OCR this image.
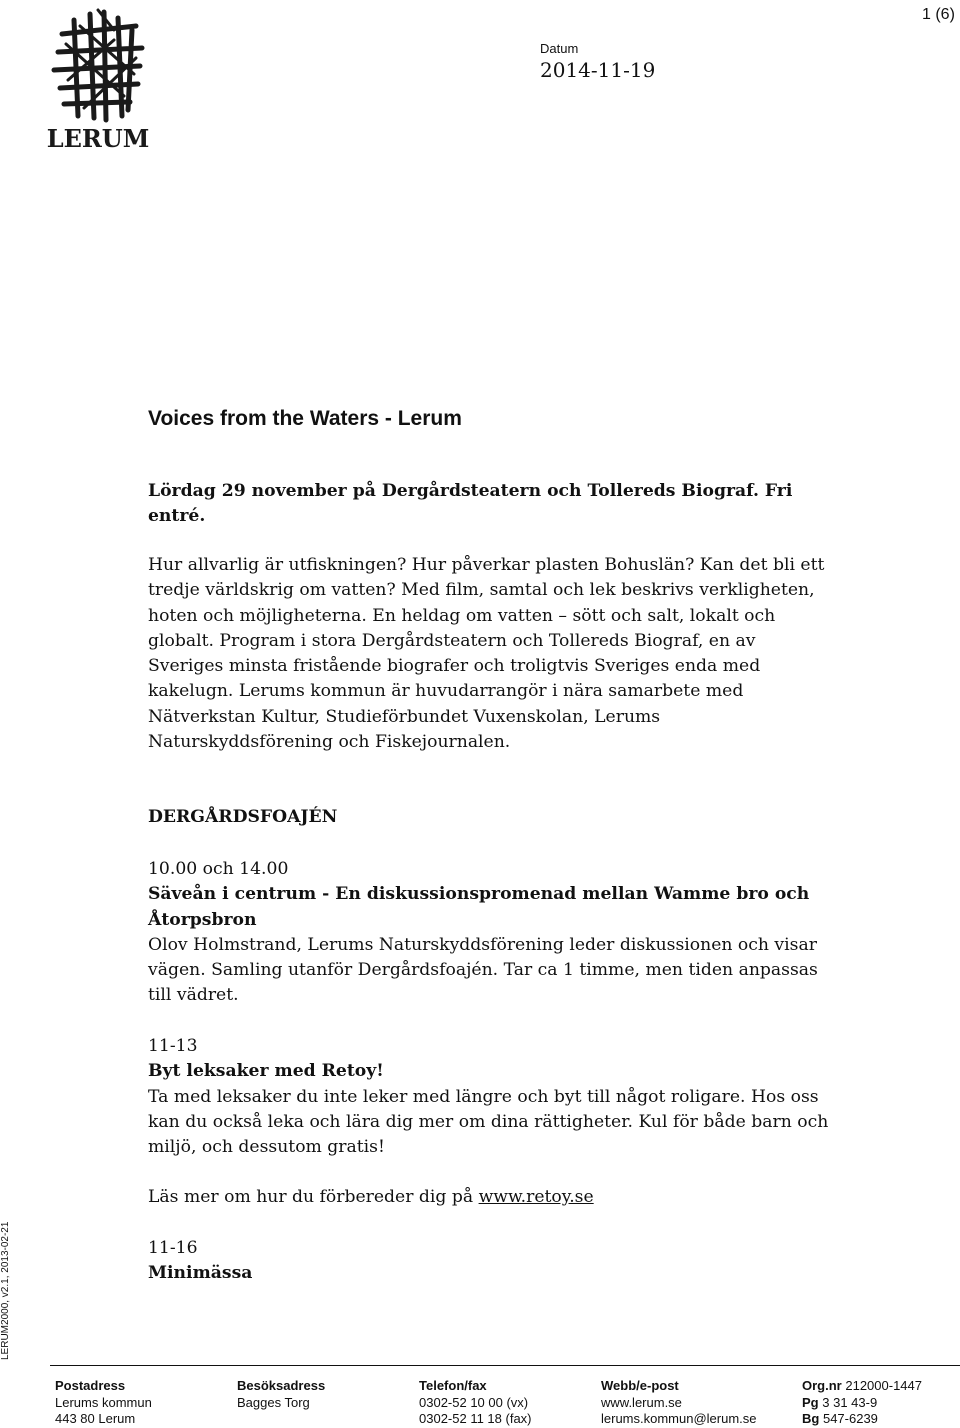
LERUM
1 (6)
Datum
2014-11-19
Voices from the Waters - Lerum
Lördag 29 november på Dergårdsteatern och Tollereds Biograf. Fri
entré.
Hur allvarlig är utfiskningen? Hur påverkar plasten Bohuslän? Kan det bli ett
tredje världskrig om vatten? Med film, samtal och lek beskrivs verkligheten,
hoten och möjligheterna. En heldag om vatten – sött och salt, lokalt och
globalt. Program i stora Dergårdsteatern och Tollereds Biograf, en av
Sveriges minsta fristående biografer och troligtvis Sveriges enda med
kakelugn. Lerums kommun är huvudarrangör i nära samarbete med
Nätverkstan Kultur, Studieförbundet Vuxenskolan, Lerums
Naturskyddsförening och Fiskejournalen.
DERGÅRDSFOAJÉN
10.00 och 14.00
Säveån i centrum - En diskussionspromenad mellan Wamme bro och
Åtorpsbron
Olov Holmstrand, Lerums Naturskyddsförening leder diskussionen och visar
vägen. Samling utanför Dergårdsfoajén. Tar ca 1 timme, men tiden anpassas
till vädret.
11-13
Byt leksaker med Retoy!
Ta med leksaker du inte leker med längre och byt till något roligare. Hos oss
kan du också leka och lära dig mer om dina rättigheter. Kul för både barn och
miljö, och dessutom gratis!
Läs mer om hur du förbereder dig på www.retoy.se
11-16
Minimässa
LERUM2000, v2.1, 2013-02-21
Postadress
Lerums kommun
443 80 Lerum
Besöksadress
Bagges Torg
Telefon/fax
0302-52 10 00 (vx)
0302-52 11 18 (fax)
Webb/e-post
www.lerum.se
lerums.kommun@lerum.se
Org.nr 212000-1447
Pg 3 31 43-9
Bg 547-6239
